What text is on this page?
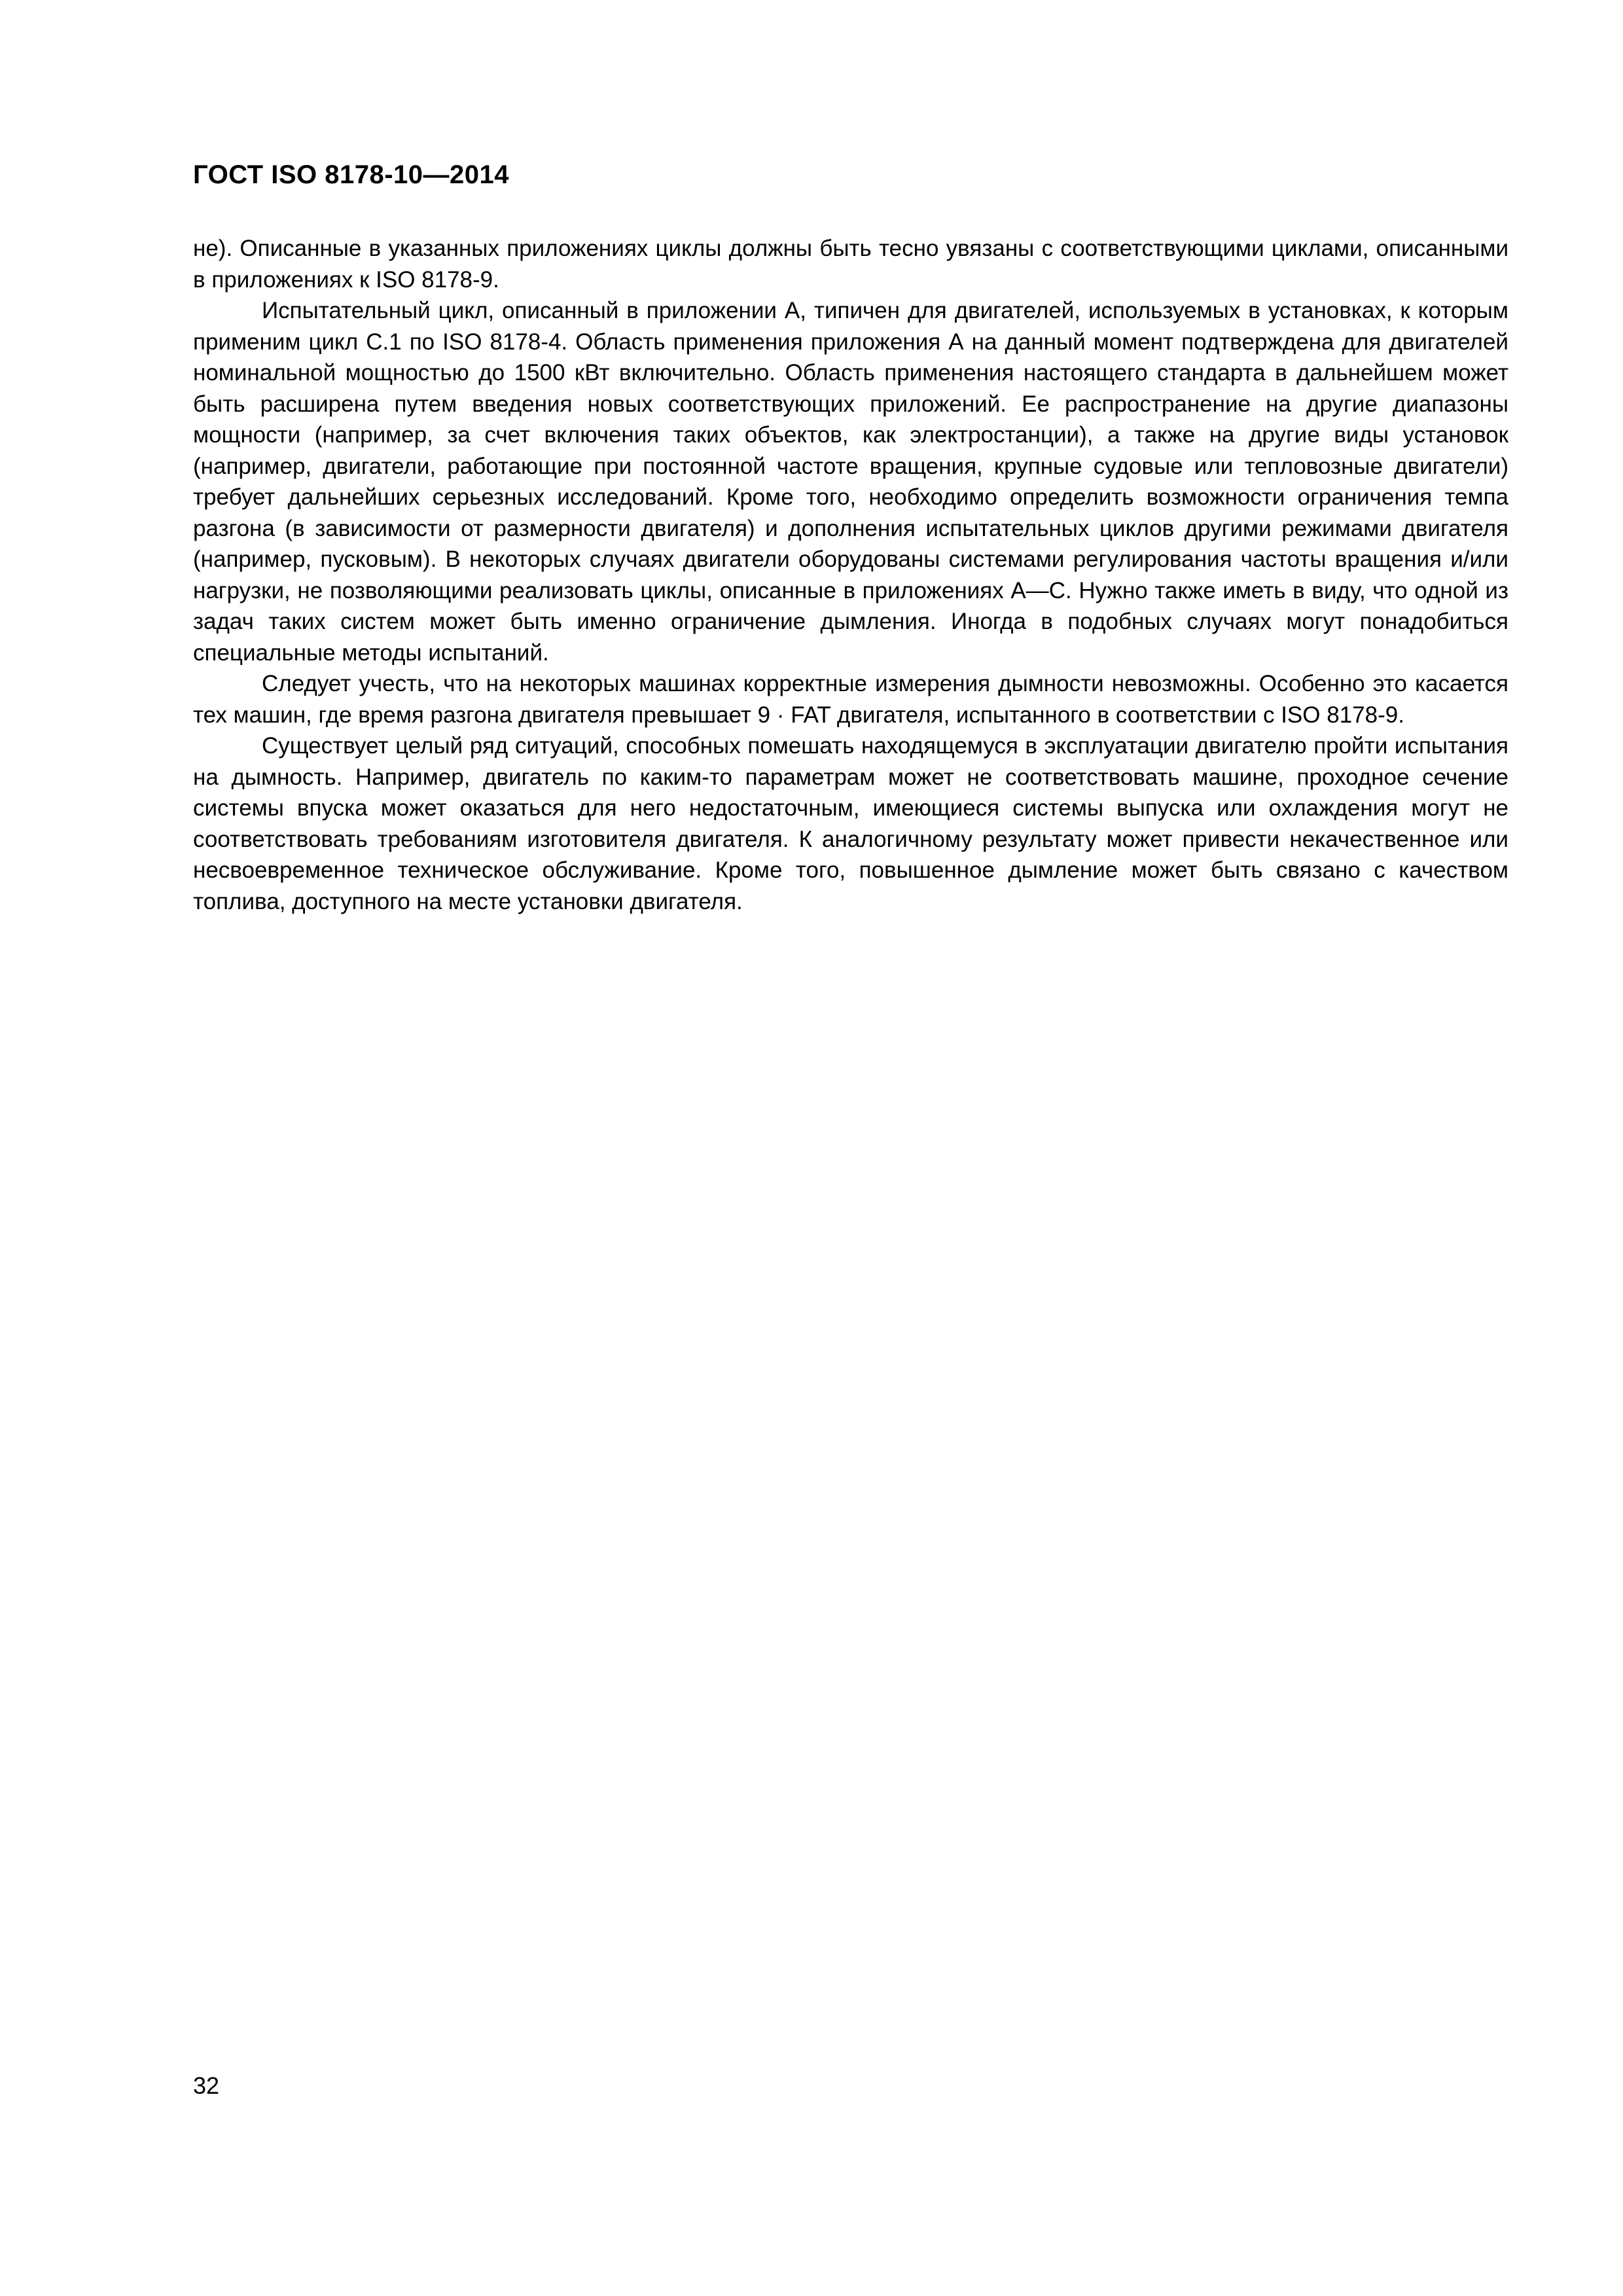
ГОСТ ISO 8178-10—2014

не). Описанные в указанных приложениях циклы должны быть тесно увязаны с соответствующими циклами, описанными в приложениях к ISO 8178-9.

Испытательный цикл, описанный в приложении А, типичен для двигателей, используемых в установках, к которым применим цикл С.1 по ISO 8178-4. Область применения приложения А на данный момент подтверждена для двигателей номинальной мощностью до 1500 кВт включительно. Область применения настоящего стандарта в дальнейшем может быть расширена путем введения новых соответствующих приложений. Ее распространение на другие диапазоны мощности (например, за счет включения таких объектов, как электростанции), а также на другие виды установок (например, двигатели, работающие при постоянной частоте вращения, крупные судовые или тепловозные двигатели) требует дальнейших серьезных исследований. Кроме того, необходимо определить возможности ограничения темпа разгона (в зависимости от размерности двигателя) и дополнения испытательных циклов другими режимами двигателя (например, пусковым). В некоторых случаях двигатели оборудованы системами регулирования частоты вращения и/или нагрузки, не позволяющими реализовать циклы, описанные в приложениях А—С. Нужно также иметь в виду, что одной из задач таких систем может быть именно ограничение дымления. Иногда в подобных случаях могут понадобиться специальные методы испытаний.

Следует учесть, что на некоторых машинах корректные измерения дымности невозможны. Особенно это касается тех машин, где время разгона двигателя превышает 9 · FAT двигателя, испытанного в соответствии с ISO 8178-9.

Существует целый ряд ситуаций, способных помешать находящемуся в эксплуатации двигателю пройти испытания на дымность. Например, двигатель по каким-то параметрам может не соответствовать машине, проходное сечение системы впуска может оказаться для него недостаточным, имеющиеся системы выпуска или охлаждения могут не соответствовать требованиям изготовителя двигателя. К аналогичному результату может привести некачественное или несвоевременное техническое обслуживание. Кроме того, повышенное дымление может быть связано с качеством топлива, доступного на месте установки двигателя.

32
